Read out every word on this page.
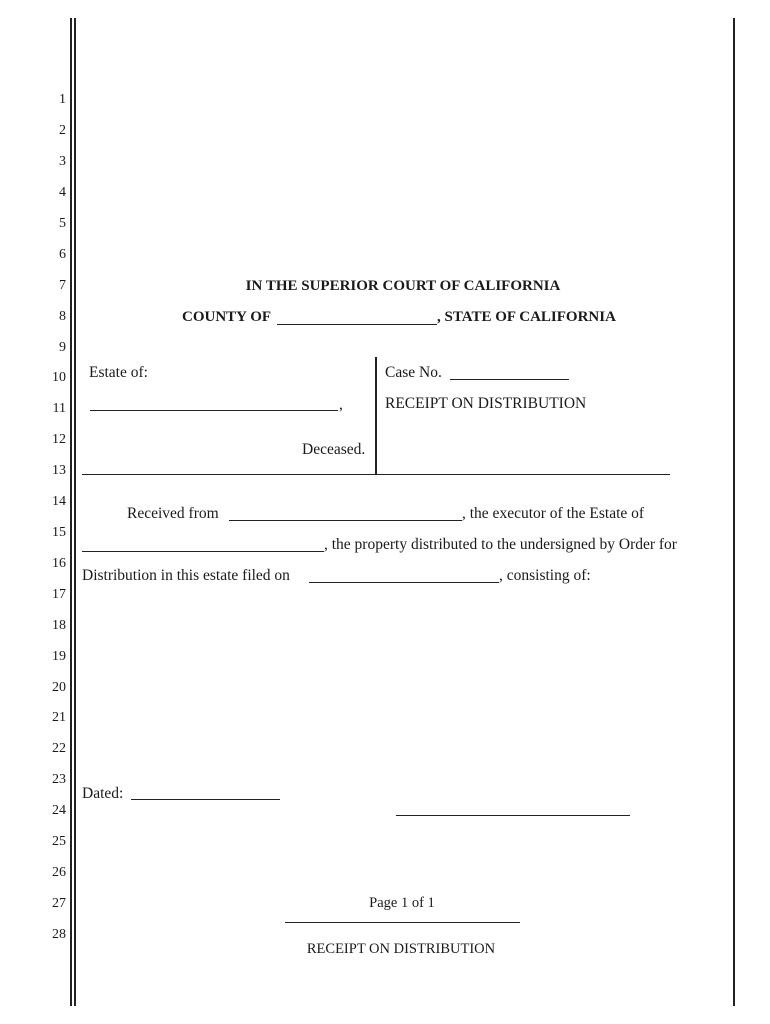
1
2
3
4
5
6
7
8
9
10
11
12
13
14
15
16
17
18
19
20
21
22
23
24
25
26
27
28
IN THE SUPERIOR COURT OF CALIFORNIA
COUNTY OF	, STATE OF CALIFORNIA
Estate of:
,
Deceased.
Case No.
RECEIPT ON DISTRIBUTION
Received from	, the executor of the Estate of
, the property distributed to the undersigned by Order for
Distribution in this estate filed on	, consisting of:
Dated:
Page 1 of 1
RECEIPT ON DISTRIBUTION
